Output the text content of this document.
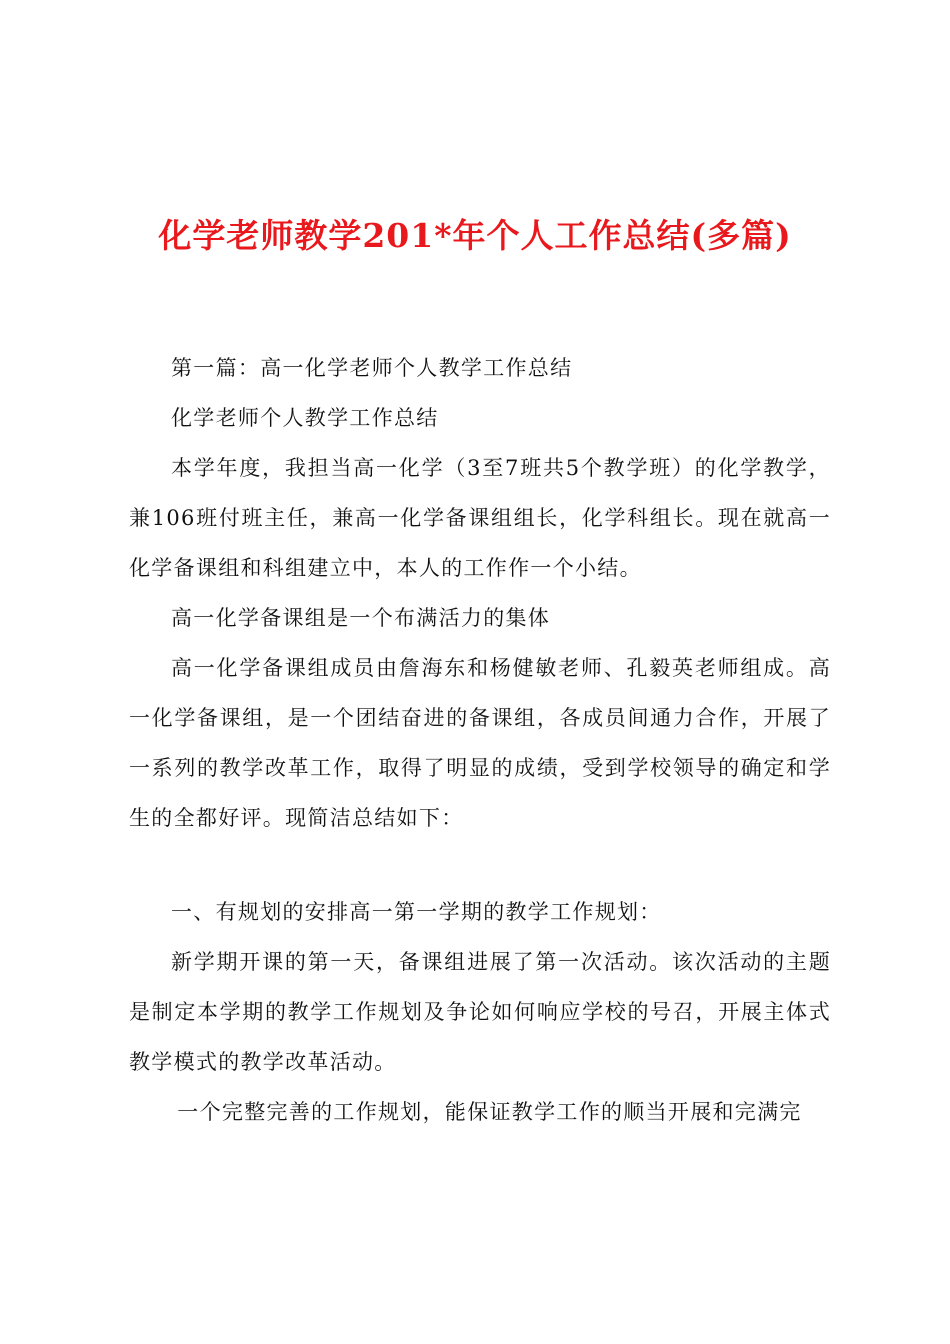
化学老师教学201*年个人工作总结(多篇)

第一篇：高一化学老师个人教学工作总结

化学老师个人教学工作总结

本学年度，我担当高一化学（3至7班共5个教学班）的化学教学，兼106班付班主任，兼高一化学备课组组长，化学科组长。现在就高一化学备课组和科组建立中，本人的工作作一个小结。

高一化学备课组是一个布满活力的集体

高一化学备课组成员由詹海东和杨健敏老师、孔毅英老师组成。高一化学备课组，是一个团结奋进的备课组，各成员间通力合作，开展了一系列的教学改革工作，取得了明显的成绩，受到学校领导的确定和学生的全都好评。现简洁总结如下：

一、有规划的安排高一第一学期的教学工作规划：

新学期开课的第一天，备课组进展了第一次活动。该次活动的主题是制定本学期的教学工作规划及争论如何响应学校的号召，开展主体式教学模式的教学改革活动。

一个完整完善的工作规划，能保证教学工作的顺当开展和完满完
